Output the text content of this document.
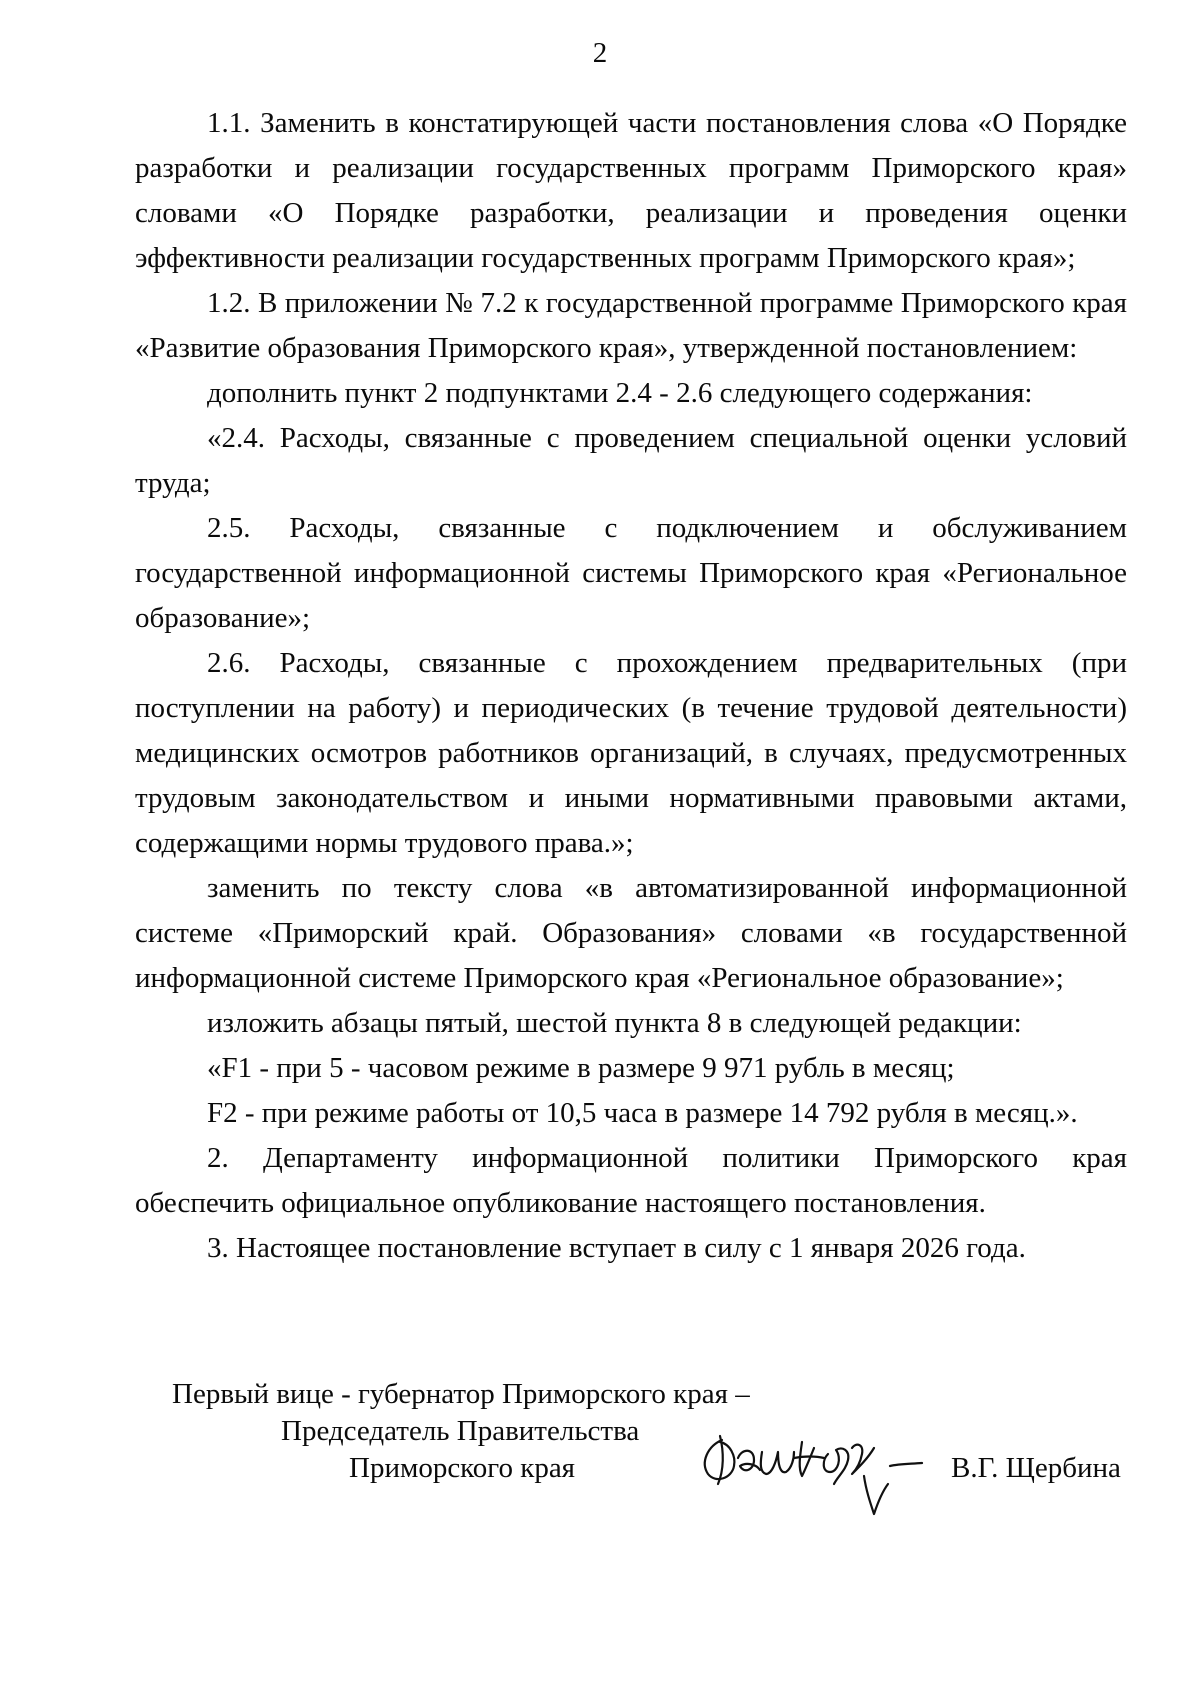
2

1.1. Заменить в констатирующей части постановления слова «О Порядке разработки и реализации государственных программ Приморского края» словами «О Порядке разработки, реализации и проведения оценки эффективности реализации государственных программ Приморского края»;

1.2. В приложении № 7.2 к государственной программе Приморского края «Развитие образования Приморского края», утвержденной постановлением:

дополнить пункт 2 подпунктами 2.4 - 2.6 следующего содержания:

«2.4. Расходы, связанные с проведением специальной оценки условий труда;

2.5. Расходы, связанные с подключением и обслуживанием государственной информационной системы Приморского края «Региональное образование»;

2.6. Расходы, связанные с прохождением предварительных (при поступлении на работу) и периодических (в течение трудовой деятельности) медицинских осмотров работников организаций, в случаях, предусмотренных трудовым законодательством и иными нормативными правовыми актами, содержащими нормы трудового права.»;

заменить по тексту слова «в автоматизированной информационной системе «Приморский край. Образования» словами «в государственной информационной системе Приморского края «Региональное образование»;

изложить абзацы пятый, шестой пункта 8 в следующей редакции:

«F1 - при 5 - часовом режиме в размере 9 971 рубль в месяц;

F2 - при режиме работы от 10,5 часа в размере 14 792 рубля в месяц.».

2. Департаменту информационной политики Приморского края обеспечить официальное опубликование настоящего постановления.

3. Настоящее постановление вступает в силу с 1 января 2026 года.

Первый вице - губернатор Приморского края –
Председатель Правительства
Приморского края	В.Г. Щербина
